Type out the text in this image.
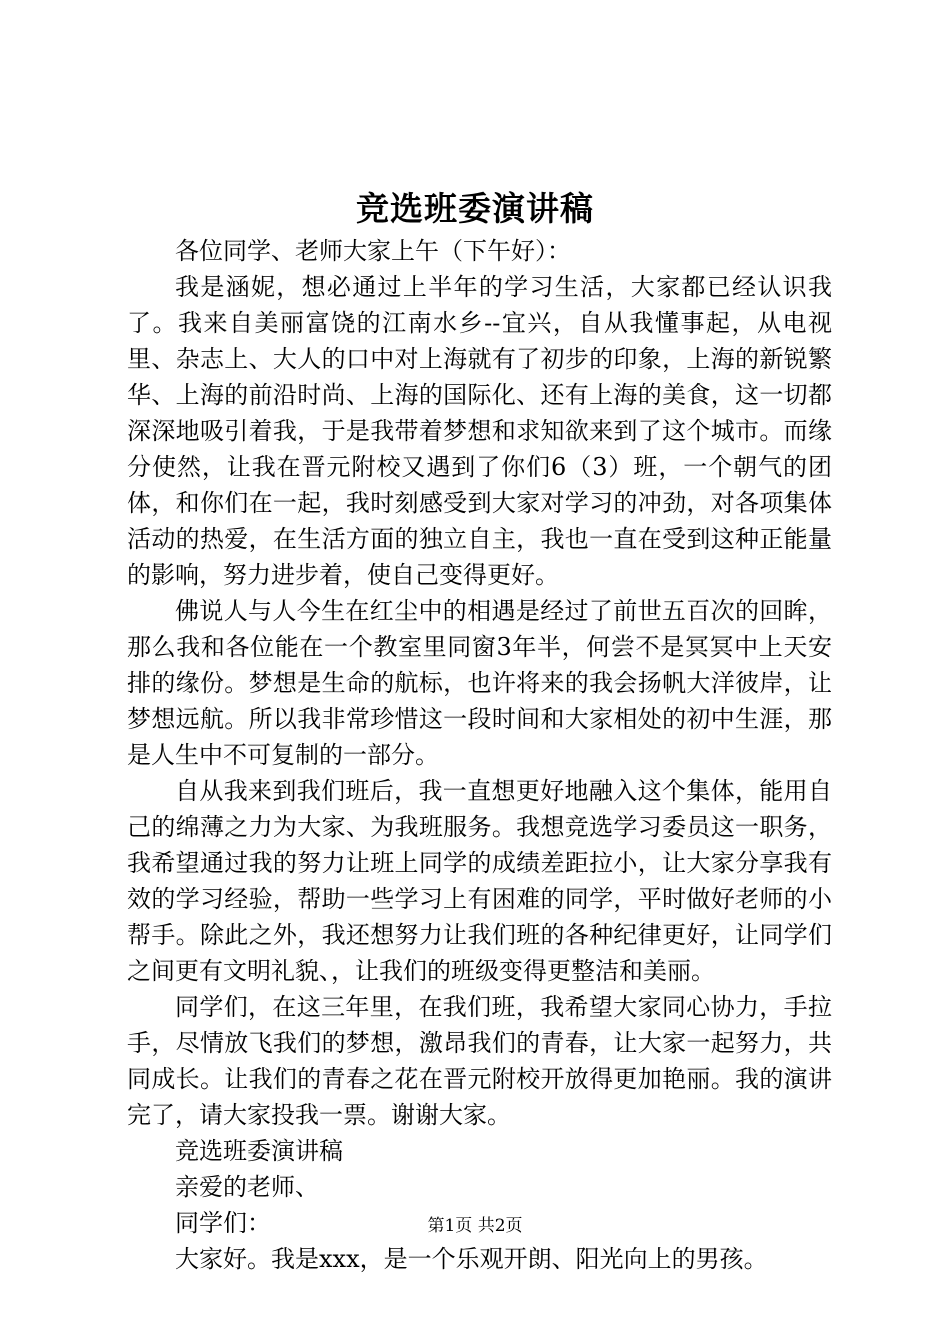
竞选班委演讲稿

各位同学、老师大家上午（下午好）：

我是涵妮，想必通过上半年的学习生活，大家都已经认识我了。我来自美丽富饶的江南水乡--宜兴，自从我懂事起，从电视里、杂志上、大人的口中对上海就有了初步的印象，上海的新锐繁华、上海的前沿时尚、上海的国际化、还有上海的美食，这一切都深深地吸引着我，于是我带着梦想和求知欲来到了这个城市。而缘分使然，让我在晋元附校又遇到了你们6（3）班，一个朝气的团体，和你们在一起，我时刻感受到大家对学习的冲劲，对各项集体活动的热爱，在生活方面的独立自主，我也一直在受到这种正能量的影响，努力进步着，使自己变得更好。

佛说人与人今生在红尘中的相遇是经过了前世五百次的回眸，那么我和各位能在一个教室里同窗3年半，何尝不是冥冥中上天安排的缘份。梦想是生命的航标，也许将来的我会扬帆大洋彼岸，让梦想远航。所以我非常珍惜这一段时间和大家相处的初中生涯，那是人生中不可复制的一部分。

自从我来到我们班后，我一直想更好地融入这个集体，能用自己的绵薄之力为大家、为我班服务。我想竞选学习委员这一职务，我希望通过我的努力让班上同学的成绩差距拉小，让大家分享我有效的学习经验，帮助一些学习上有困难的同学，平时做好老师的小帮手。除此之外，我还想努力让我们班的各种纪律更好，让同学们之间更有文明礼貌、，让我们的班级变得更整洁和美丽。

同学们，在这三年里，在我们班，我希望大家同心协力，手拉手，尽情放飞我们的梦想，激昂我们的青春，让大家一起努力，共同成长。让我们的青春之花在晋元附校开放得更加艳丽。我的演讲完了，请大家投我一票。谢谢大家。

竞选班委演讲稿

亲爱的老师、

同学们：

大家好。我是xxx，是一个乐观开朗、阳光向上的男孩。

第1页 共2页
